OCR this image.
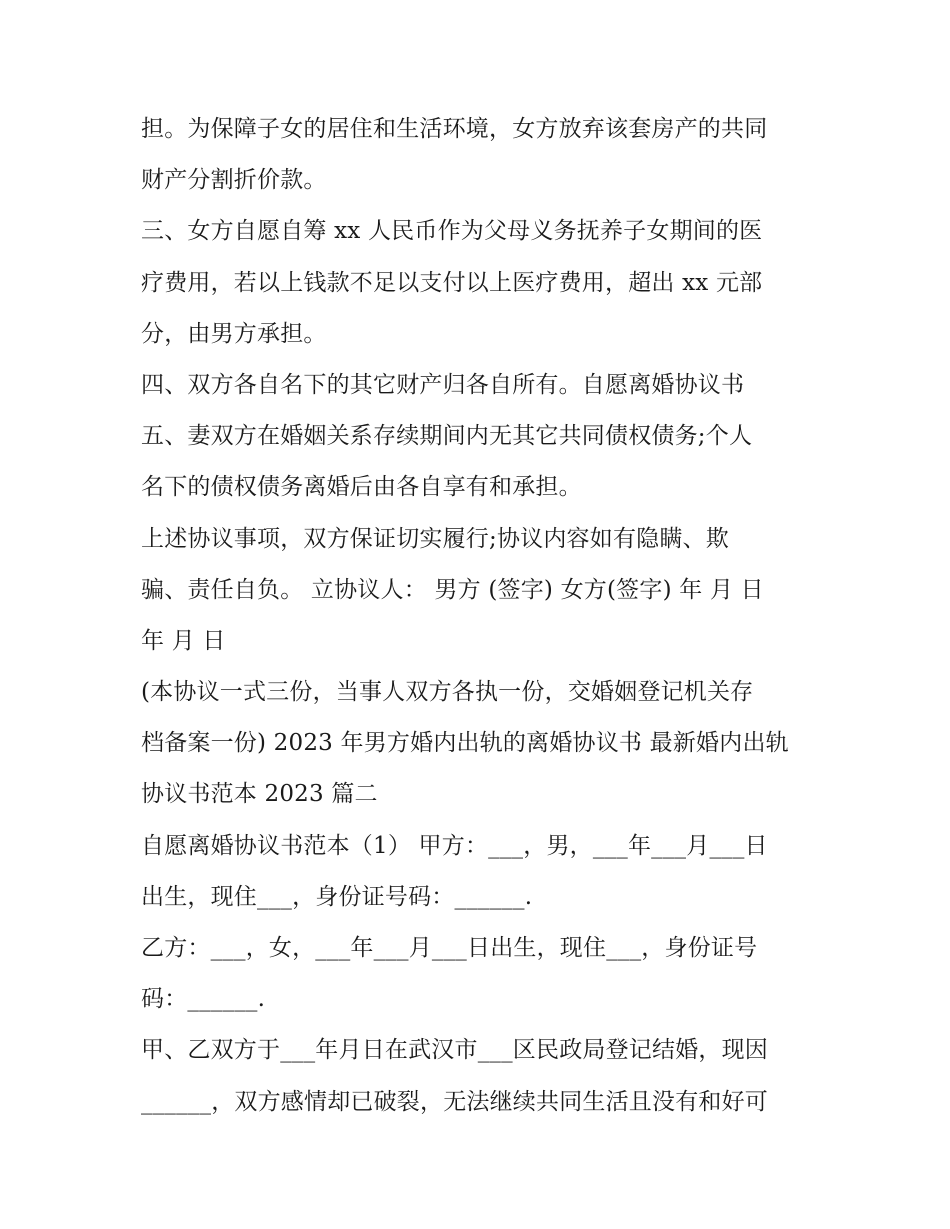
担。为保障子女的居住和生活环境，女方放弃该套房产的共同
财产分割折价款。
三、女方自愿自筹 xx 人民币作为父母义务抚养子女期间的医
疗费用，若以上钱款不足以支付以上医疗费用，超出 xx 元部
分，由男方承担。
四、双方各自名下的其它财产归各自所有。自愿离婚协议书
五、妻双方在婚姻关系存续期间内无其它共同债权债务;个人
名下的债权债务离婚后由各自享有和承担。
上述协议事项，双方保证切实履行;协议内容如有隐瞒、欺
骗、责任自负。 立协议人： 男方 (签字) 女方(签字) 年 月 日
年 月 日
(本协议一式三份，当事人双方各执一份，交婚姻登记机关存
档备案一份) 2023 年男方婚内出轨的离婚协议书 最新婚内出轨
协议书范本 2023 篇二
自愿离婚协议书范本（1） 甲方：___，男，___年___月___日
出生，现住___，身份证号码：______.
乙方：___，女，___年___月___日出生，现住___，身份证号
码：______.
甲、乙双方于___年月日在武汉市___区民政局登记结婚，现因
______，双方感情却已破裂，无法继续共同生活且没有和好可
